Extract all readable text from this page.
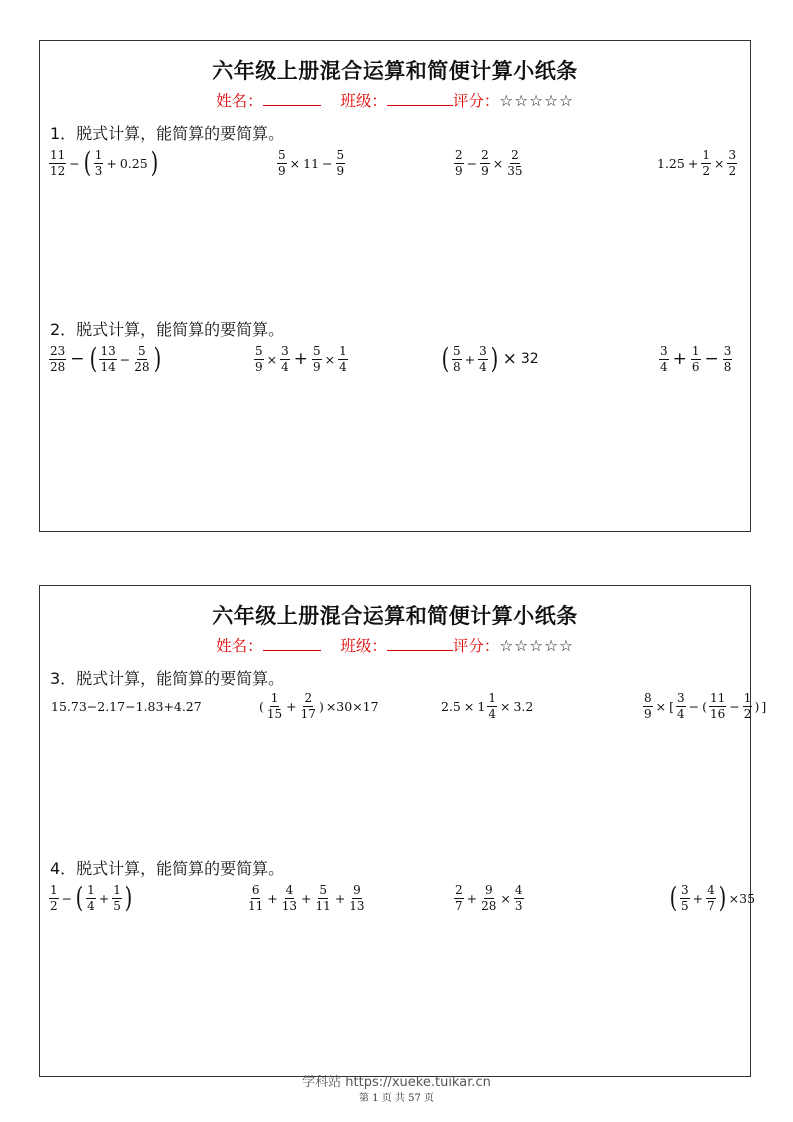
六年级上册混合运算和简便计算小纸条
姓名：	班级：	评分：☆☆☆☆☆
1．脱式计算，能简算的要简算。
$\frac{11}{12}$ − ( $\frac{1}{3} + 0.25$ )	$\frac{5}{9} \times 11 - \frac{5}{9}$	$\frac{2}{9} - \frac{2}{9} \times \frac{2}{35}$	$1.25 + \frac{1}{2} \times \frac{3}{2}$
2．脱式计算，能简算的要简算。
$\frac{23}{28}$ − ( $\frac{13}{14} - \frac{5}{28}$ )	$\frac{5}{9} \times \frac{3}{4} + \frac{5}{9} \times \frac{1}{4}$	( $\frac{5}{8} + \frac{3}{4}$ ) × 32	$\frac{3}{4} + \frac{1}{6} - \frac{3}{8}$
六年级上册混合运算和简便计算小纸条
姓名：	班级：	评分：☆☆☆☆☆
3．脱式计算，能简算的要简算。
15.73−2.17−1.83+4.27	( $\frac{1}{15} + \frac{2}{17}$ ) ×30×17	$2.5 \times 1 \frac{1}{4} \times 3.2$	$\frac{8}{9}$ × [ $\frac{3}{4}$ − ( $\frac{11}{16} - \frac{1}{2}$ ) ]
4．脱式计算，能简算的要简算。
$\frac{1}{2}$ − ( $\frac{1}{4} + \frac{1}{5}$ )	$\frac{6}{11} + \frac{4}{13} + \frac{5}{11} + \frac{9}{13}$	$\frac{2}{7} + \frac{9}{28} \times \frac{4}{3}$	( $\frac{3}{5} + \frac{4}{7}$ ) ×35
学科站 https://xueke.tuikar.cn
第 1 页 共 57 页
